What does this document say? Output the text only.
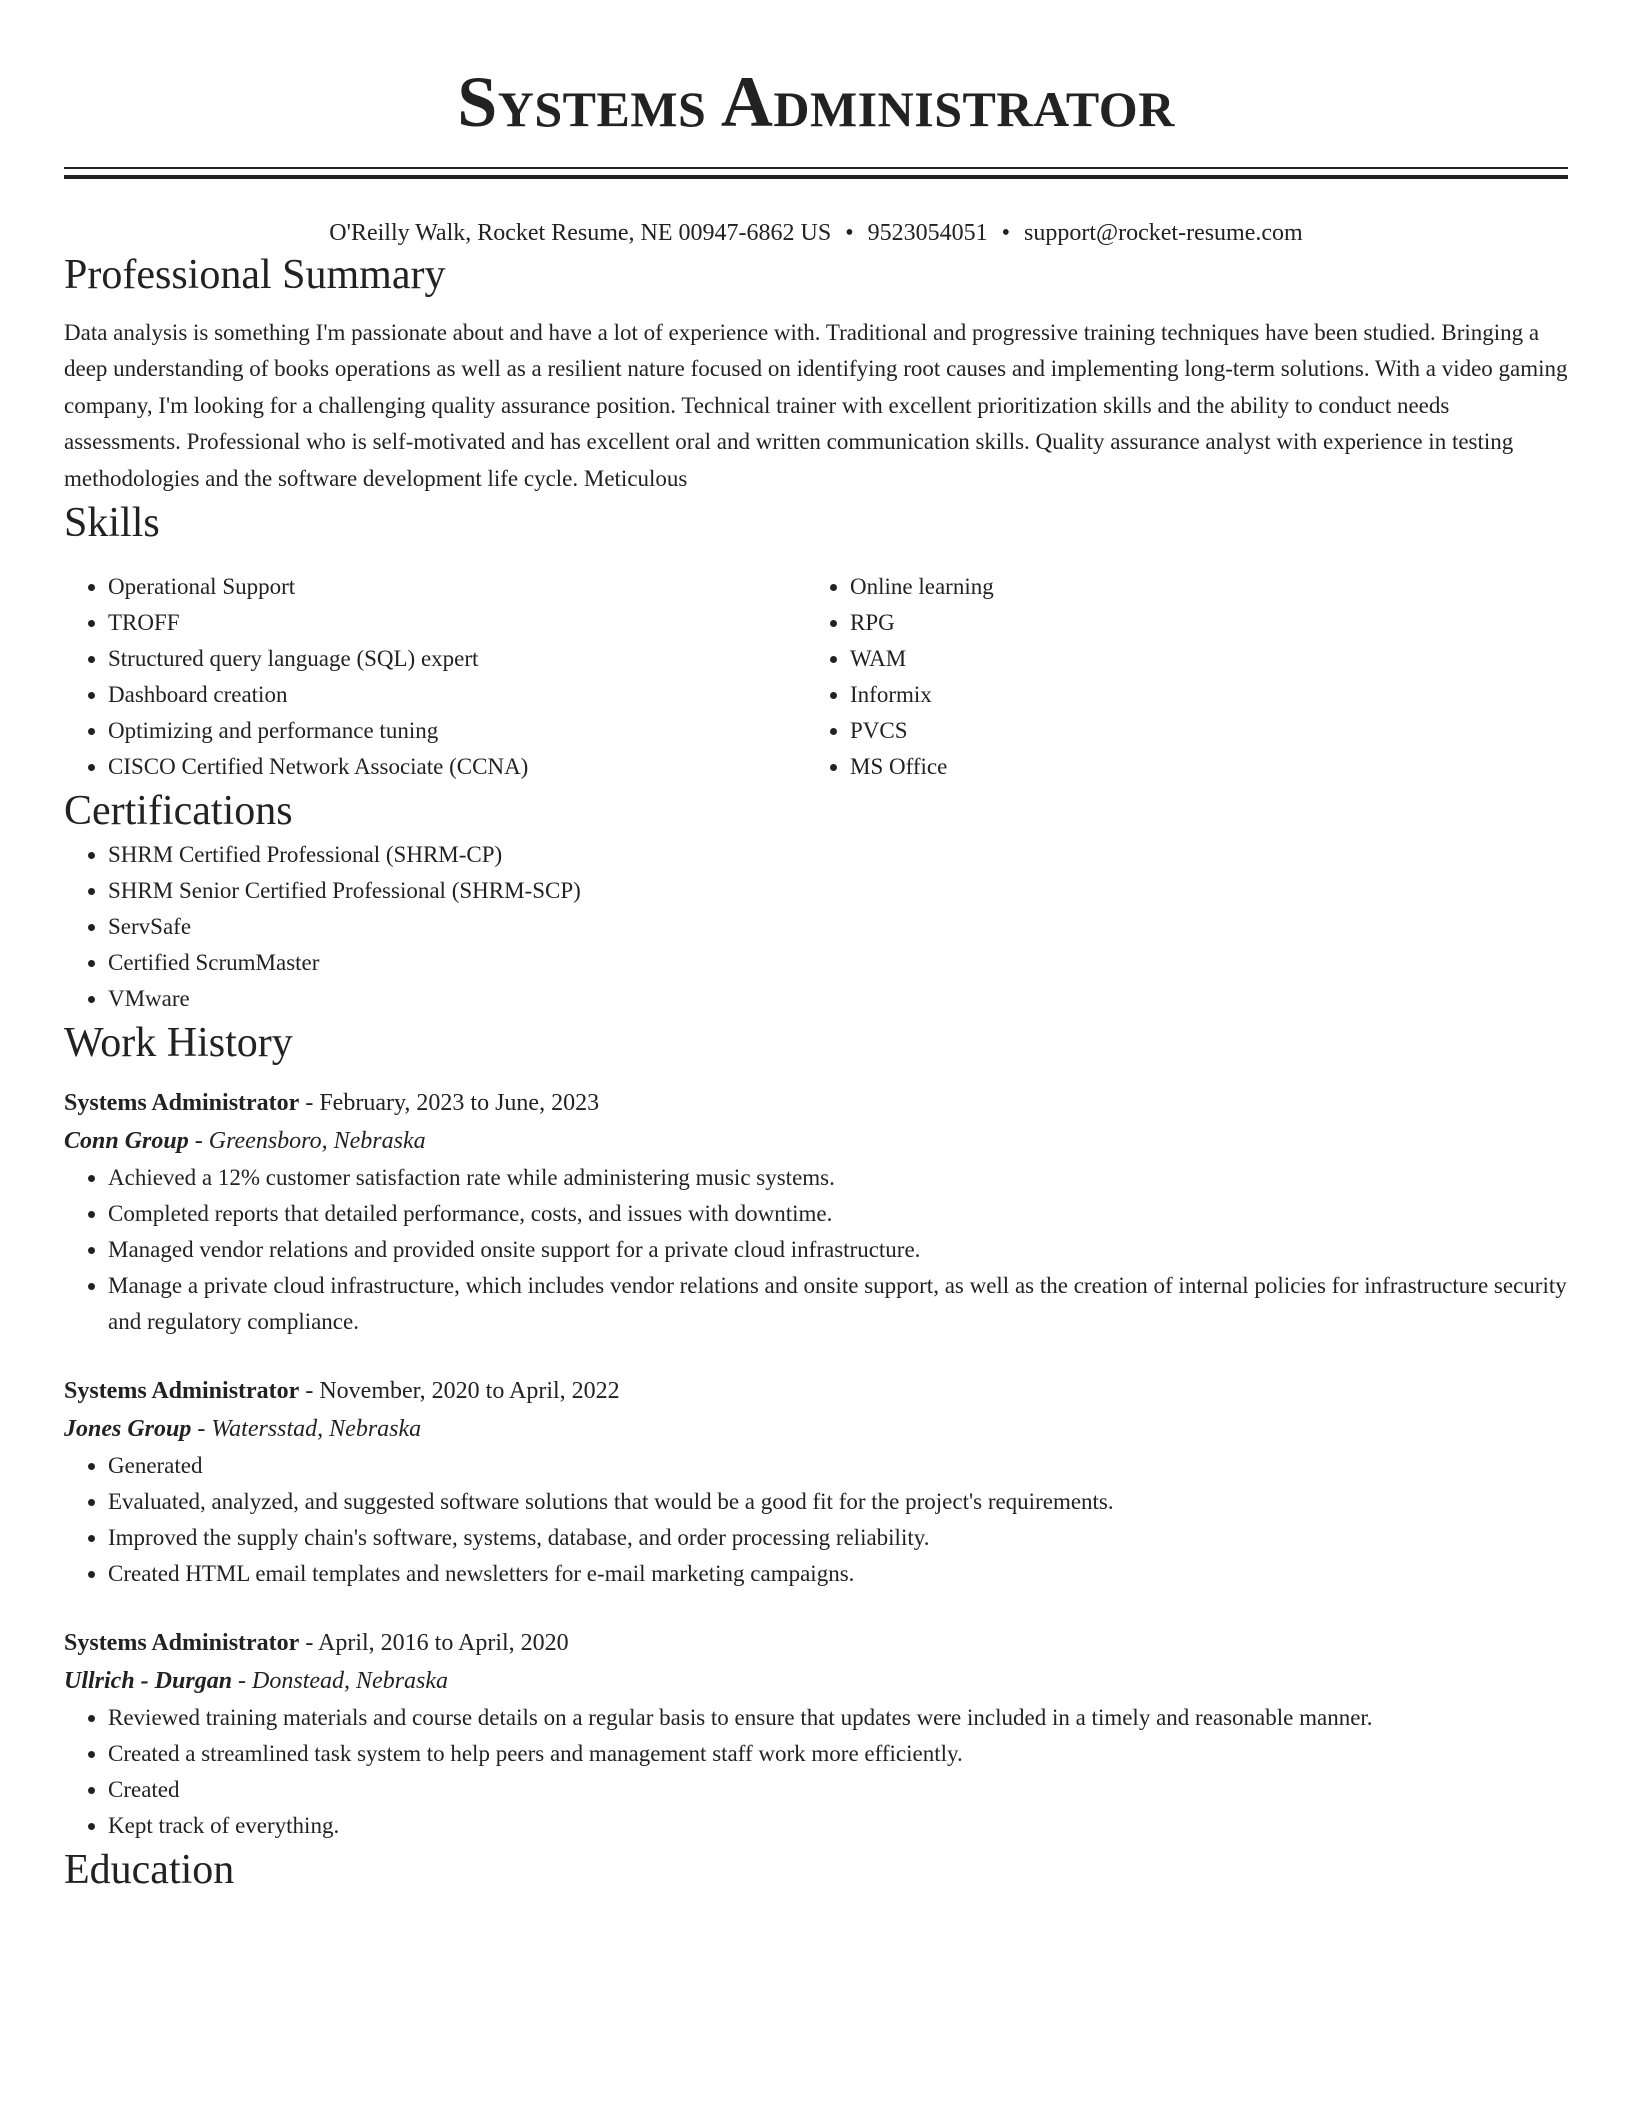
Systems Administrator
O'Reilly Walk, Rocket Resume, NE 00947-6862 US • 9523054051 • support@rocket-resume.com
Professional Summary
Data analysis is something I'm passionate about and have a lot of experience with. Traditional and progressive training techniques have been studied. Bringing a deep understanding of books operations as well as a resilient nature focused on identifying root causes and implementing long-term solutions. With a video gaming company, I'm looking for a challenging quality assurance position. Technical trainer with excellent prioritization skills and the ability to conduct needs assessments. Professional who is self-motivated and has excellent oral and written communication skills. Quality assurance analyst with experience in testing methodologies and the software development life cycle. Meticulous
Skills
• Operational Support
• TROFF
• Structured query language (SQL) expert
• Dashboard creation
• Optimizing and performance tuning
• CISCO Certified Network Associate (CCNA)
• Online learning
• RPG
• WAM
• Informix
• PVCS
• MS Office
Certifications
• SHRM Certified Professional (SHRM-CP)
• SHRM Senior Certified Professional (SHRM-SCP)
• ServSafe
• Certified ScrumMaster
• VMware
Work History
Systems Administrator - February, 2023 to June, 2023
Conn Group - Greensboro, Nebraska
• Achieved a 12% customer satisfaction rate while administering music systems.
• Completed reports that detailed performance, costs, and issues with downtime.
• Managed vendor relations and provided onsite support for a private cloud infrastructure.
• Manage a private cloud infrastructure, which includes vendor relations and onsite support, as well as the creation of internal policies for infrastructure security and regulatory compliance.
Systems Administrator - November, 2020 to April, 2022
Jones Group - Watersstad, Nebraska
• Generated
• Evaluated, analyzed, and suggested software solutions that would be a good fit for the project's requirements.
• Improved the supply chain's software, systems, database, and order processing reliability.
• Created HTML email templates and newsletters for e-mail marketing campaigns.
Systems Administrator - April, 2016 to April, 2020
Ullrich - Durgan - Donstead, Nebraska
• Reviewed training materials and course details on a regular basis to ensure that updates were included in a timely and reasonable manner.
• Created a streamlined task system to help peers and management staff work more efficiently.
• Created
• Kept track of everything.
Education
